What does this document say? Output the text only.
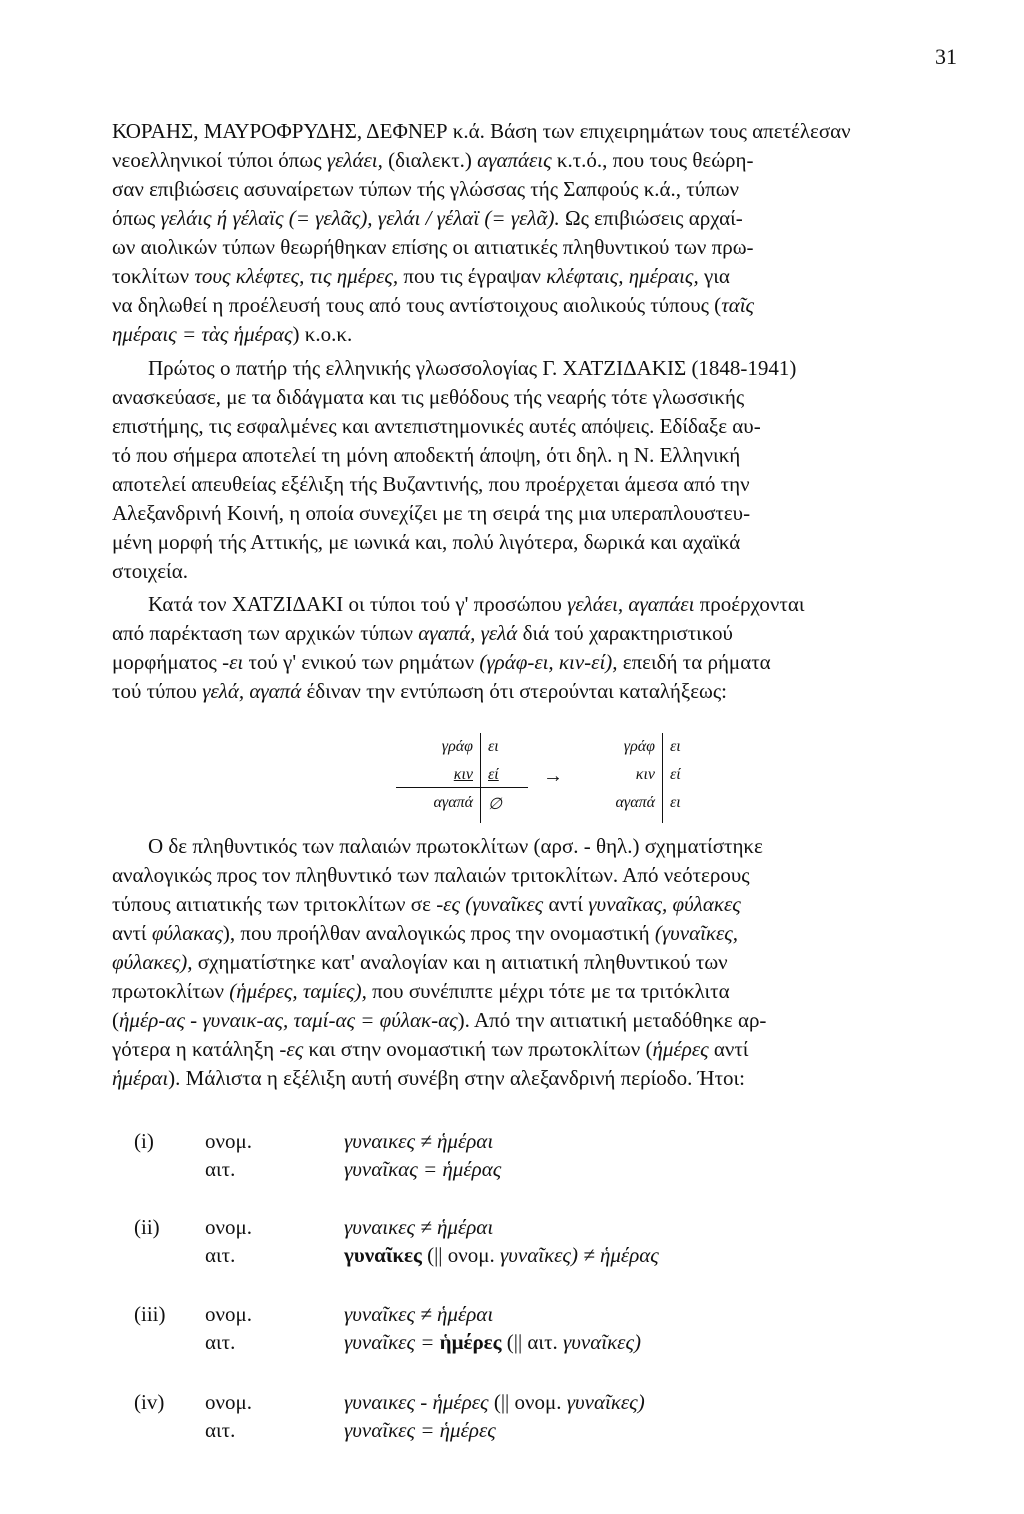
31
ΚΟΡΑΗΣ, ΜΑΥΡΟΦΡΥΔΗΣ, ΔΕΦΝΕΡ κ.ά. Βάση των επιχειρημάτων τους απετέλεσαν
νεοελληνικοί τύποι όπως γελάει, (διαλεκτ.) αγαπάεις κ.τ.ό., που τους θεώρη-
σαν επιβιώσεις ασυναίρετων τύπων τής γλώσσας τής Σαπφούς κ.ά., τύπων
όπως γελάις ή γέλαϊς (= γελᾶς), γελάι / γέλαϊ (= γελᾶ). Ως επιβιώσεις αρχαί-
ων αιολικών τύπων θεωρήθηκαν επίσης οι αιτιατικές πληθυντικού των πρω-
τοκλίτων τους κλέφτες, τις ημέρες, που τις έγραψαν κλέφταις, ημέραις, για
να δηλωθεί η προέλευσή τους από τους αντίστοιχους αιολικούς τύπους (ταῖς
ημέραις = τὰς ἡμέρας) κ.ο.κ.
Πρώτος ο πατήρ τής ελληνικής γλωσσολογίας Γ. ΧΑΤΖΙΔΑΚΙΣ (1848-1941)
ανασκεύασε, με τα διδάγματα και τις μεθόδους τής νεαρής τότε γλωσσικής
επιστήμης, τις εσφαλμένες και αντεπιστημονικές αυτές απόψεις. Εδίδαξε αυ-
τό που σήμερα αποτελεί τη μόνη αποδεκτή άποψη, ότι δηλ. η Ν. Ελληνική
αποτελεί απευθείας εξέλιξη τής Βυζαντινής, που προέρχεται άμεσα από την
Αλεξανδρινή Κοινή, η οποία συνεχίζει με τη σειρά της μια υπεραπλουστευ-
μένη μορφή τής Αττικής, με ιωνικά και, πολύ λιγότερα, δωρικά και αχαϊκά
στοιχεία.
Κατά τον ΧΑΤΖΙΔΑΚΙ οι τύποι τού γ' προσώπου γελάει, αγαπάει προέρχονται
από παρέκταση των αρχικών τύπων αγαπά, γελά διά τού χαρακτηριστικού
μορφήματος -ει τού γ' ενικού των ρημάτων (γράφ-ει, κιν-εί), επειδή τα ρήματα
τού τύπου γελά, αγαπά έδιναν την εντύπωση ότι στερούνται καταλήξεως:
γράφ ει
κιν εί
αγαπά ∅
→
γράφ ει
κιν εί
αγαπά ει
Ο δε πληθυντικός των παλαιών πρωτοκλίτων (αρσ. - θηλ.) σχηματίστηκε
αναλογικώς προς τον πληθυντικό των παλαιών τριτοκλίτων. Από νεότερους
τύπους αιτιατικής των τριτοκλίτων σε -ες (γυναῖκες αντί γυναῖκας, φύλακες
αντί φύλακας), που προήλθαν αναλογικώς προς την ονομαστική (γυναῖκες,
φύλακες), σχηματίστηκε κατ' αναλογίαν και η αιτιατική πληθυντικού των
πρωτοκλίτων (ἡμέρες, ταμίες), που συνέπιπτε μέχρι τότε με τα τριτόκλιτα
(ἡμέρ-ας - γυναικ-ας, ταμί-ας = φύλακ-ας). Από την αιτιατική μεταδόθηκε αρ-
γότερα η κατάληξη -ες και στην ονομαστική των πρωτοκλίτων (ἡμέρες αντί
ἡμέραι). Μάλιστα η εξέλιξη αυτή συνέβη στην αλεξανδρινή περίοδο. Ήτοι:
(i) ονομ.	γυναικες ≠ ἡμέραι
αιτ.	γυναῖκας = ἡμέρας
(ii) ονομ.	γυναικες ≠ ἡμέραι
αιτ.	γυναῖκες (|| ονομ. γυναῖκες) ≠ ἡμέρας
(iii) ονομ.	γυναῖκες ≠ ἡμέραι
αιτ.	γυναῖκες = ἡμέρες (|| αιτ. γυναῖκες)
(iv) ονομ.	γυναικες - ἡμέρες (|| ονομ. γυναῖκες)
αιτ.	γυναῖκες = ἡμέρες
